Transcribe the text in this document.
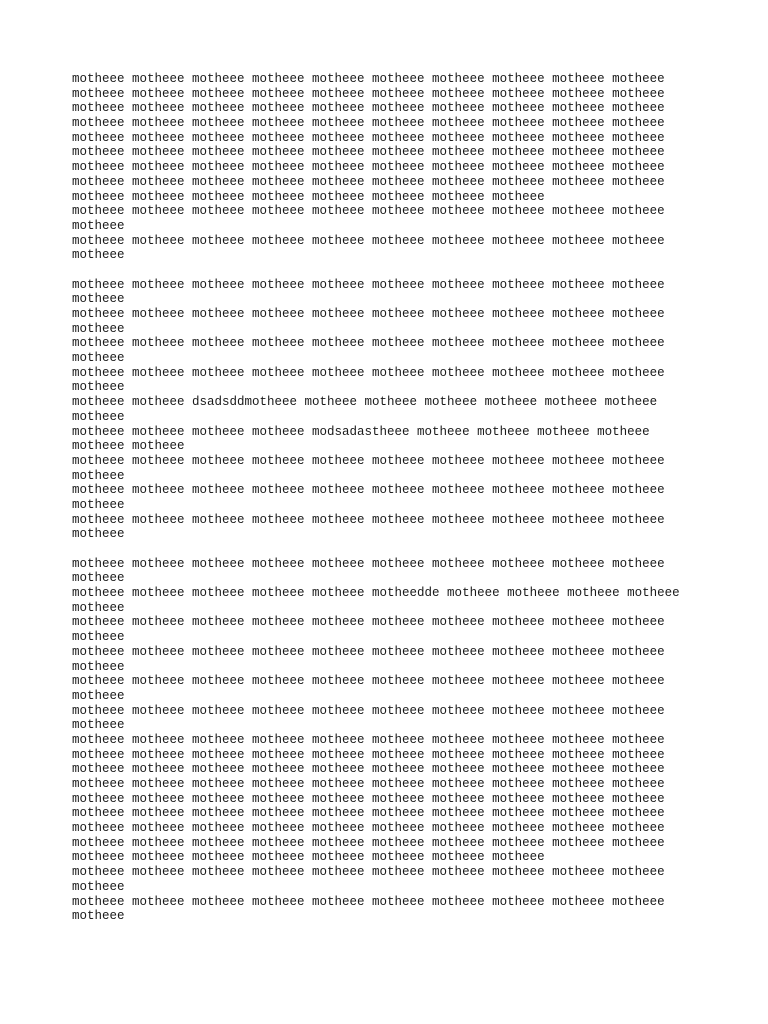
motheee motheee motheee motheee motheee motheee motheee motheee motheee motheee
motheee motheee motheee motheee motheee motheee motheee motheee motheee motheee
motheee motheee motheee motheee motheee motheee motheee motheee motheee motheee
motheee motheee motheee motheee motheee motheee motheee motheee motheee motheee
motheee motheee motheee motheee motheee motheee motheee motheee motheee motheee
motheee motheee motheee motheee motheee motheee motheee motheee motheee motheee
motheee motheee motheee motheee motheee motheee motheee motheee motheee motheee
motheee motheee motheee motheee motheee motheee motheee motheee motheee motheee
motheee motheee motheee motheee motheee motheee motheee motheee
motheee motheee motheee motheee motheee motheee motheee motheee motheee motheee
motheee
motheee motheee motheee motheee motheee motheee motheee motheee motheee motheee
motheee
motheee motheee motheee motheee motheee motheee motheee motheee motheee motheee
motheee
motheee motheee motheee motheee motheee motheee motheee motheee motheee motheee
motheee
motheee motheee motheee motheee motheee motheee motheee motheee motheee motheee
motheee
motheee motheee motheee motheee motheee motheee motheee motheee motheee motheee
motheee
motheee motheee dsadsddmotheee motheee motheee motheee motheee motheee motheee
motheee
motheee motheee motheee motheee modsadastheee motheee motheee motheee motheee
motheee motheee
motheee motheee motheee motheee motheee motheee motheee motheee motheee motheee
motheee
motheee motheee motheee motheee motheee motheee motheee motheee motheee motheee
motheee
motheee motheee motheee motheee motheee motheee motheee motheee motheee motheee
motheee
motheee motheee motheee motheee motheee motheee motheee motheee motheee motheee
motheee
motheee motheee motheee motheee motheee motheedde motheee motheee motheee motheee
motheee
motheee motheee motheee motheee motheee motheee motheee motheee motheee motheee
motheee
motheee motheee motheee motheee motheee motheee motheee motheee motheee motheee
motheee
motheee motheee motheee motheee motheee motheee motheee motheee motheee motheee
motheee
motheee motheee motheee motheee motheee motheee motheee motheee motheee motheee
motheee
motheee motheee motheee motheee motheee motheee motheee motheee motheee motheee
motheee motheee motheee motheee motheee motheee motheee motheee motheee motheee
motheee motheee motheee motheee motheee motheee motheee motheee motheee motheee
motheee motheee motheee motheee motheee motheee motheee motheee motheee motheee
motheee motheee motheee motheee motheee motheee motheee motheee motheee motheee
motheee motheee motheee motheee motheee motheee motheee motheee motheee motheee
motheee motheee motheee motheee motheee motheee motheee motheee motheee motheee
motheee motheee motheee motheee motheee motheee motheee motheee motheee motheee
motheee motheee motheee motheee motheee motheee motheee motheee
motheee motheee motheee motheee motheee motheee motheee motheee motheee motheee
motheee
motheee motheee motheee motheee motheee motheee motheee motheee motheee motheee
motheee
